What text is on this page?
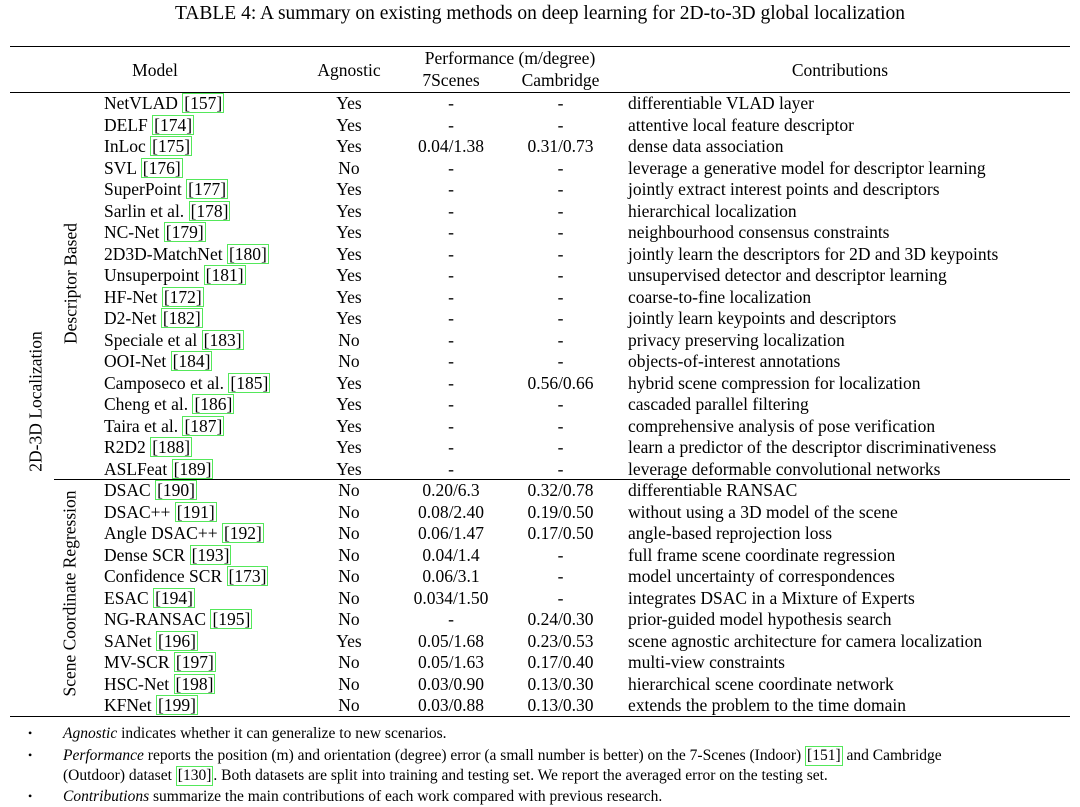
TABLE 4: A summary on existing methods on deep learning for 2D-to-3D global localization
Model	Agnostic
Performance (m/degree)
7Scenes	Cambridge	Contributions
2D-3D Localization
Descriptor Based
Scene Coordinate Regression
NetVLAD [157]	Yes	-	-	differentiable VLAD layer
DELF [174]	Yes	-	-	attentive local feature descriptor
InLoc [175]	Yes	0.04/1.38	0.31/0.73	dense data association
SVL [176]	No	-	-	leverage a generative model for descriptor learning
SuperPoint [177]	Yes	-	-	jointly extract interest points and descriptors
Sarlin et al. [178]	Yes	-	-	hierarchical localization
NC-Net [179]	Yes	-	-	neighbourhood consensus constraints
2D3D-MatchNet [180]	Yes	-	-	jointly learn the descriptors for 2D and 3D keypoints
Unsuperpoint [181]	Yes	-	-	unsupervised detector and descriptor learning
HF-Net [172]	Yes	-	-	coarse-to-fine localization
D2-Net [182]	Yes	-	-	jointly learn keypoints and descriptors
Speciale et al [183]	No	-	-	privacy preserving localization
OOI-Net [184]	No	-	-	objects-of-interest annotations
Camposeco et al. [185]	Yes	-	0.56/0.66	hybrid scene compression for localization
Cheng et al. [186]	Yes	-	-	cascaded parallel filtering
Taira et al. [187]	Yes	-	-	comprehensive analysis of pose verification
R2D2 [188]	Yes	-	-	learn a predictor of the descriptor discriminativeness
ASLFeat [189]	Yes	-	-	leverage deformable convolutional networks
DSAC [190]	No	0.20/6.3	0.32/0.78	differentiable RANSAC
DSAC++ [191]	No	0.08/2.40	0.19/0.50	without using a 3D model of the scene
Angle DSAC++ [192]	No	0.06/1.47	0.17/0.50	angle-based reprojection loss
Dense SCR [193]	No	0.04/1.4	-	full frame scene coordinate regression
Confidence SCR [173]	No	0.06/3.1	-	model uncertainty of correspondences
ESAC [194]	No	0.034/1.50	-	integrates DSAC in a Mixture of Experts
NG-RANSAC [195]	No	-	0.24/0.30	prior-guided model hypothesis search
SANet [196]	Yes	0.05/1.68	0.23/0.53	scene agnostic architecture for camera localization
MV-SCR [197]	No	0.05/1.63	0.17/0.40	multi-view constraints
HSC-Net [198]	No	0.03/0.90	0.13/0.30	hierarchical scene coordinate network
KFNet [199]	No	0.03/0.88	0.13/0.30	extends the problem to the time domain
• Agnostic indicates whether it can generalize to new scenarios.
• Performance reports the position (m) and orientation (degree) error (a small number is better) on the 7-Scenes (Indoor) [151] and Cambridge
(Outdoor) dataset [130] . Both datasets are split into training and testing set. We report the averaged error on the testing set.
• Contributions summarize the main contributions of each work compared with previous research.
